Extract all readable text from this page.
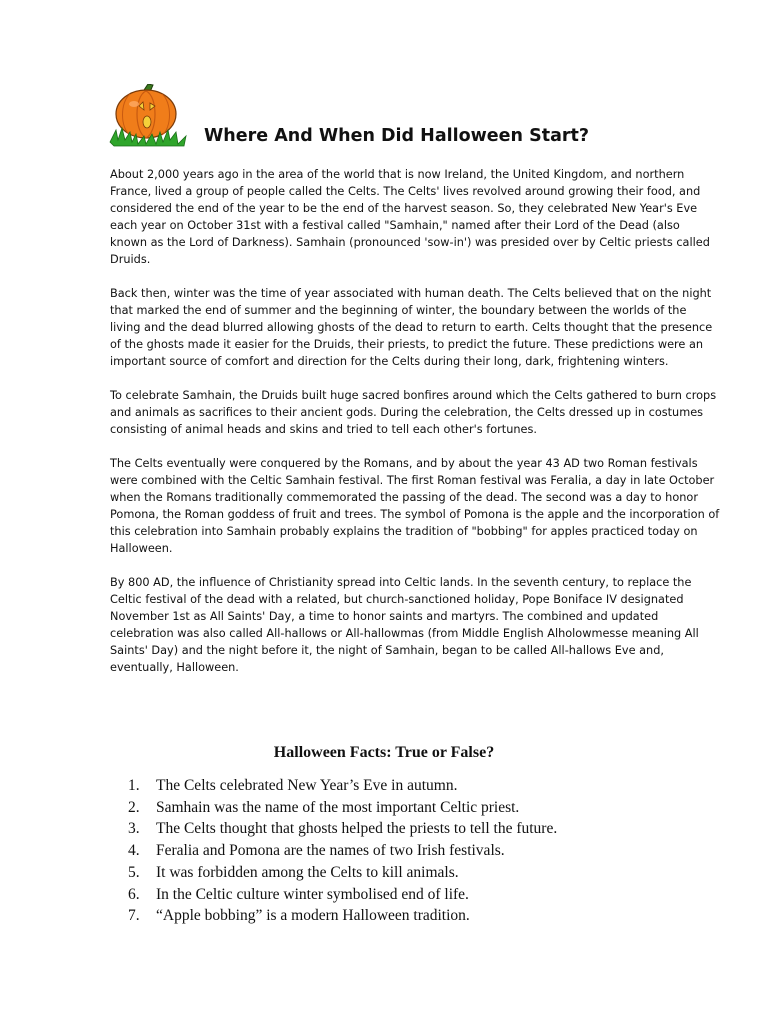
Where And When Did Halloween Start?

About 2,000 years ago in the area of the world that is now Ireland, the United Kingdom, and northern France, lived a group of people called the Celts. The Celts' lives revolved around growing their food, and considered the end of the year to be the end of the harvest season. So, they celebrated New Year's Eve each year on October 31st with a festival called "Samhain," named after their Lord of the Dead (also known as the Lord of Darkness). Samhain (pronounced 'sow-in') was presided over by Celtic priests called Druids.

Back then, winter was the time of year associated with human death. The Celts believed that on the night that marked the end of summer and the beginning of winter, the boundary between the worlds of the living and the dead blurred allowing ghosts of the dead to return to earth. Celts thought that the presence of the ghosts made it easier for the Druids, their priests, to predict the future. These predictions were an important source of comfort and direction for the Celts during their long, dark, frightening winters.

To celebrate Samhain, the Druids built huge sacred bonfires around which the Celts gathered to burn crops and animals as sacrifices to their ancient gods. During the celebration, the Celts dressed up in costumes consisting of animal heads and skins and tried to tell each other's fortunes.

The Celts eventually were conquered by the Romans, and by about the year 43 AD two Roman festivals were combined with the Celtic Samhain festival. The first Roman festival was Feralia, a day in late October when the Romans traditionally commemorated the passing of the dead. The second was a day to honor Pomona, the Roman goddess of fruit and trees. The symbol of Pomona is the apple and the incorporation of this celebration into Samhain probably explains the tradition of "bobbing" for apples practiced today on Halloween.

By 800 AD, the influence of Christianity spread into Celtic lands. In the seventh century, to replace the Celtic festival of the dead with a related, but church-sanctioned holiday, Pope Boniface IV designated November 1st as All Saints' Day, a time to honor saints and martyrs. The combined and updated celebration was also called All-hallows or All-hallowmas (from Middle English Alholowmesse meaning All Saints' Day) and the night before it, the night of Samhain, began to be called All-hallows Eve and, eventually, Halloween.

Halloween Facts: True or False?
1.	The Celts celebrated New Year’s Eve in autumn.
2.	Samhain was the name of the most important Celtic priest.
3.	The Celts thought that ghosts helped the priests to tell the future.
4.	Feralia and Pomona are the names of two Irish festivals.
5.	It was forbidden among the Celts to kill animals.
6.	In the Celtic culture winter symbolised end of life.
7.	“Apple bobbing” is a modern Halloween tradition.
